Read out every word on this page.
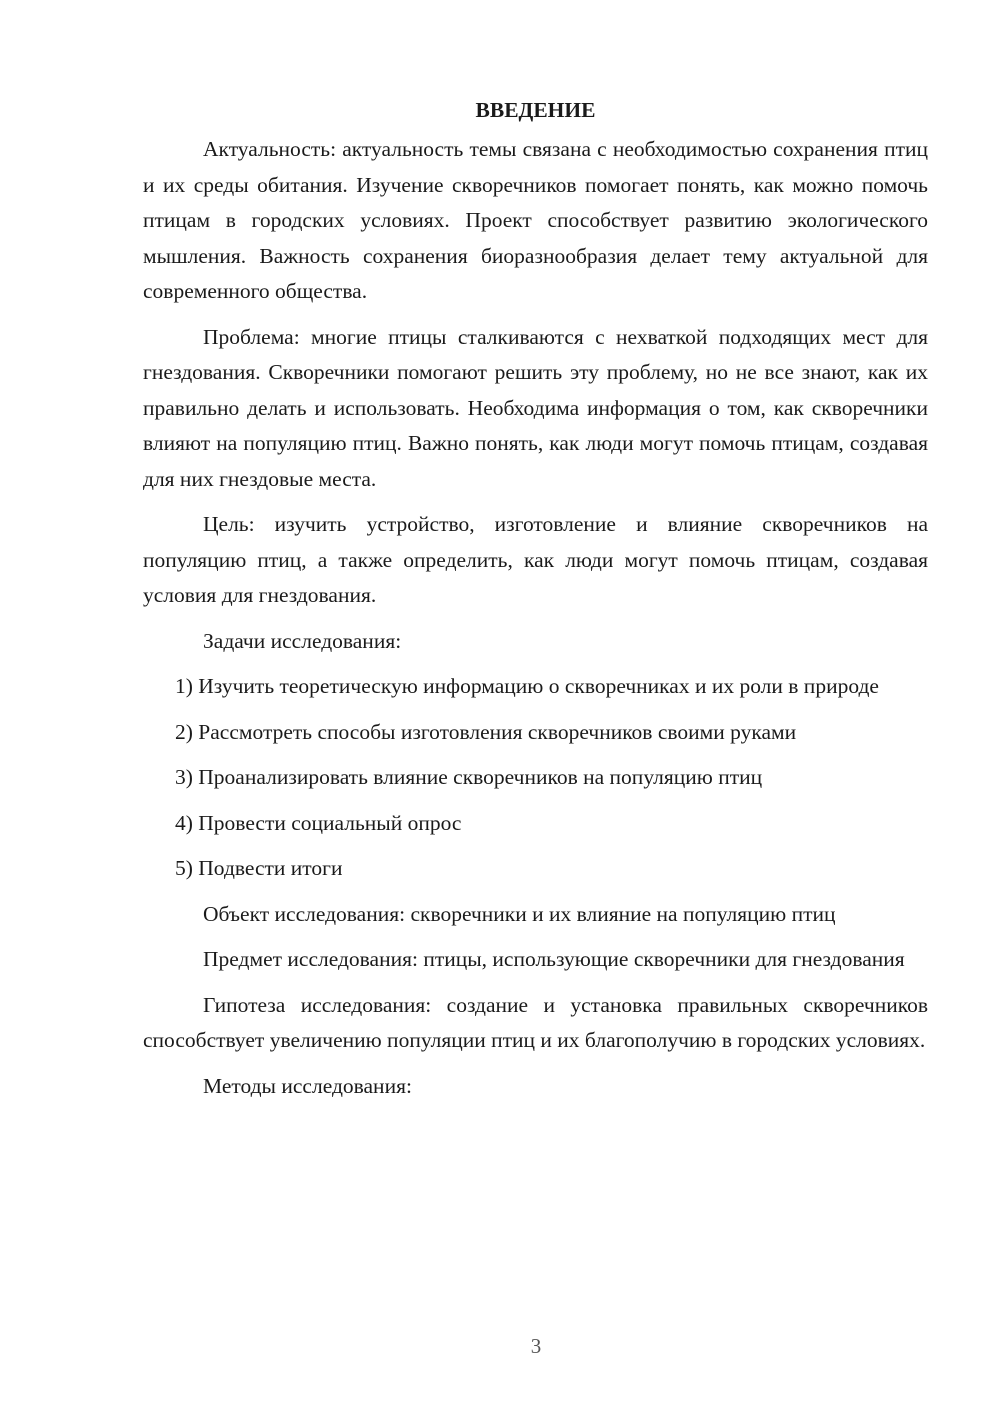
ВВЕДЕНИЕ

Актуальность: актуальность темы связана с необходимостью сохранения птиц и их среды обитания. Изучение скворечников помогает понять, как можно помочь птицам в городских условиях. Проект способствует развитию экологического мышления. Важность сохранения биоразнообразия делает тему актуальной для современного общества.

Проблема: многие птицы сталкиваются с нехваткой подходящих мест для гнездования. Скворечники помогают решить эту проблему, но не все знают, как их правильно делать и использовать. Необходима информация о том, как скворечники влияют на популяцию птиц. Важно понять, как люди могут помочь птицам, создавая для них гнездовые места.

Цель: изучить устройство, изготовление и влияние скворечников на популяцию птиц, а также определить, как люди могут помочь птицам, создавая условия для гнездования.

Задачи исследования:

1) Изучить теоретическую информацию о скворечниках и их роли в природе

2) Рассмотреть способы изготовления скворечников своими руками

3) Проанализировать влияние скворечников на популяцию птиц

4) Провести социальный опрос

5) Подвести итоги

Объект исследования: скворечники и их влияние на популяцию птиц

Предмет исследования: птицы, использующие скворечники для гнездования

Гипотеза исследования: создание и установка правильных скворечников способствует увеличению популяции птиц и их благополучию в городских условиях.

Методы исследования:

3
